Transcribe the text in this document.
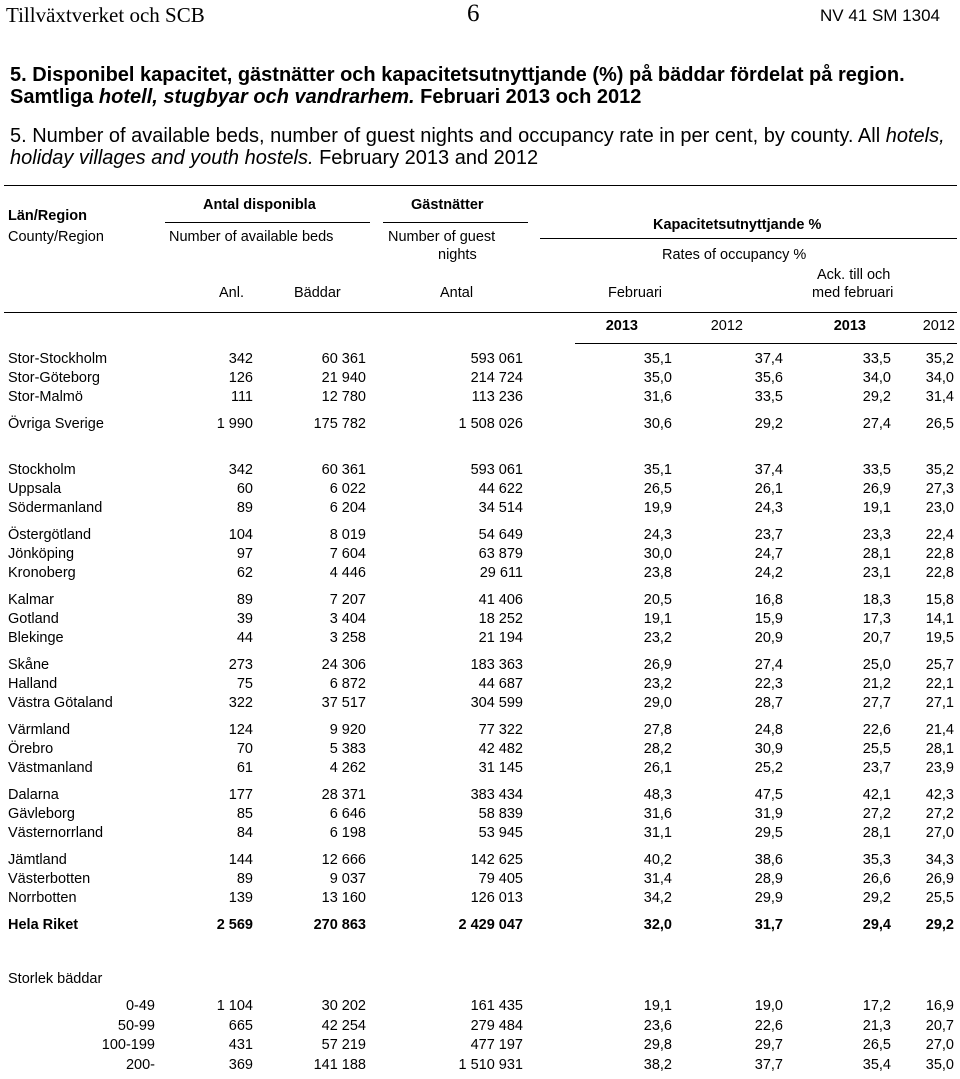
Tillväxtverket och SCB	6	NV 41 SM 1304
5. Disponibel kapacitet, gästnätter och kapacitetsutnyttjande (%) på bäddar fördelat på region. Samtliga hotell, stugbyar och vandrarhem. Februari 2013 och 2012
5. Number of available beds, number of guest nights and occupancy rate in per cent, by county. All hotels, holiday villages and youth hostels. February 2013 and 2012
Län/Region
County/Region
Antal disponibla
Number of available beds
Gästnätter
Number of guest
nights
Kapacitetsutnyttjande %
Rates of occupancy %
Ack. till och
med februari
Anl.	Bäddar	Antal	Februari
2013	2012	2013	2012
Storlek bäddar
Stor-Stockholm	342	60 361	593 061	35,1	37,4	33,5 35,2
Stor-Göteborg	126	21 940	214 724	35,0	35,6	34,0 34,0
Stor-Malmö	111	12 780	113 236	31,6	33,5	29,2 31,4
Övriga Sverige	1 990	175 782	1 508 026	30,6	29,2	27,4 26,5
Stockholm	342	60 361	593 061	35,1	37,4	33,5 35,2
Uppsala	60	6 022	44 622	26,5	26,1	26,9 27,3
Södermanland	89	6 204	34 514	19,9	24,3	19,1 23,0
Östergötland	104	8 019	54 649	24,3	23,7	23,3 22,4
Jönköping	97	7 604	63 879	30,0	24,7	28,1 22,8
Kronoberg	62	4 446	29 611	23,8	24,2	23,1 22,8
Kalmar	89	7 207	41 406	20,5	16,8	18,3 15,8
Gotland	39	3 404	18 252	19,1	15,9	17,3 14,1
Blekinge	44	3 258	21 194	23,2	20,9	20,7 19,5
Skåne	273	24 306	183 363	26,9	27,4	25,0 25,7
Halland	75	6 872	44 687	23,2	22,3	21,2 22,1
Västra Götaland	322	37 517	304 599	29,0	28,7	27,7 27,1
Värmland	124	9 920	77 322	27,8	24,8	22,6 21,4
Örebro	70	5 383	42 482	28,2	30,9	25,5 28,1
Västmanland	61	4 262	31 145	26,1	25,2	23,7 23,9
Dalarna	177	28 371	383 434	48,3	47,5	42,1 42,3
Gävleborg	85	6 646	58 839	31,6	31,9	27,2 27,2
Västernorrland	84	6 198	53 945	31,1	29,5	28,1 27,0
Jämtland	144	12 666	142 625	40,2	38,6	35,3 34,3
Västerbotten	89	9 037	79 405	31,4	28,9	26,6 26,9
Norrbotten	139	13 160	126 013	34,2	29,9	29,2 25,5
Hela Riket	2 569	270 863	2 429 047	32,0	31,7	29,4 29,2
0-49	1 104	30 202	161 435	19,1	19,0	17,2 16,9
50-99	665	42 254	279 484	23,6	22,6	21,3 20,7
100-199	431	57 219	477 197	29,8	29,7	26,5 27,0
200-	369	141 188	1 510 931	38,2	37,7	35,4 35,0
